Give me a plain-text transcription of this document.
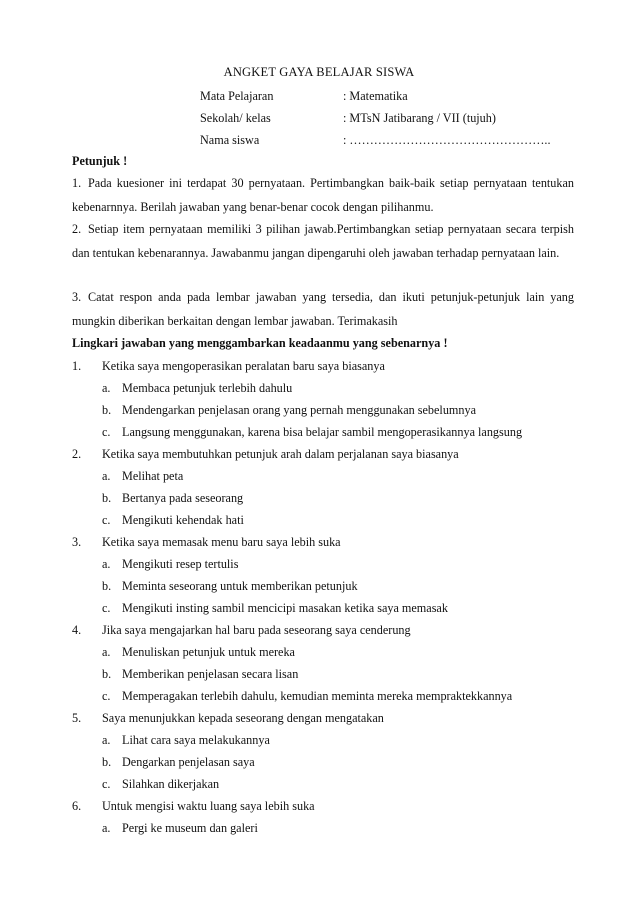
ANGKET GAYA BELAJAR SISWA
Mata Pelajaran	: Matematika
Sekolah/ kelas	: MTsN Jatibarang / VII (tujuh)
Nama siswa	: …………………………………………..
Petunjuk !
1. Pada kuesioner ini terdapat 30 pernyataan. Pertimbangkan baik-baik setiap pernyataan tentukan kebenarnnya. Berilah jawaban yang benar-benar cocok dengan pilihanmu.
2. Setiap item pernyataan memiliki 3 pilihan jawab.Pertimbangkan setiap pernyataan secara terpish dan tentukan kebenarannya. Jawabanmu jangan dipengaruhi oleh jawaban terhadap pernyataan lain.
3. Catat respon anda pada lembar jawaban yang tersedia, dan ikuti petunjuk-petunjuk lain yang mungkin diberikan berkaitan dengan lembar jawaban. Terimakasih
Lingkari jawaban yang menggambarkan keadaanmu yang sebenarnya !
1. Ketika saya mengoperasikan peralatan baru saya biasanya
a. Membaca petunjuk terlebih dahulu
b. Mendengarkan penjelasan orang yang pernah menggunakan sebelumnya
c. Langsung menggunakan, karena bisa belajar sambil mengoperasikannya langsung
2. Ketika saya membutuhkan petunjuk arah dalam perjalanan saya biasanya
a. Melihat peta
b. Bertanya pada seseorang
c. Mengikuti kehendak hati
3. Ketika saya memasak menu baru saya lebih suka
a. Mengikuti resep tertulis
b. Meminta seseorang untuk memberikan petunjuk
c. Mengikuti insting sambil mencicipi masakan ketika saya memasak
4. Jika saya mengajarkan hal baru pada seseorang saya cenderung
a. Menuliskan petunjuk untuk mereka
b. Memberikan penjelasan secara lisan
c. Memperagakan terlebih dahulu, kemudian meminta mereka mempraktekkannya
5. Saya menunjukkan kepada seseorang dengan mengatakan
a. Lihat cara saya melakukannya
b. Dengarkan penjelasan saya
c. Silahkan dikerjakan
6. Untuk mengisi waktu luang saya lebih suka
a. Pergi ke museum dan galeri
